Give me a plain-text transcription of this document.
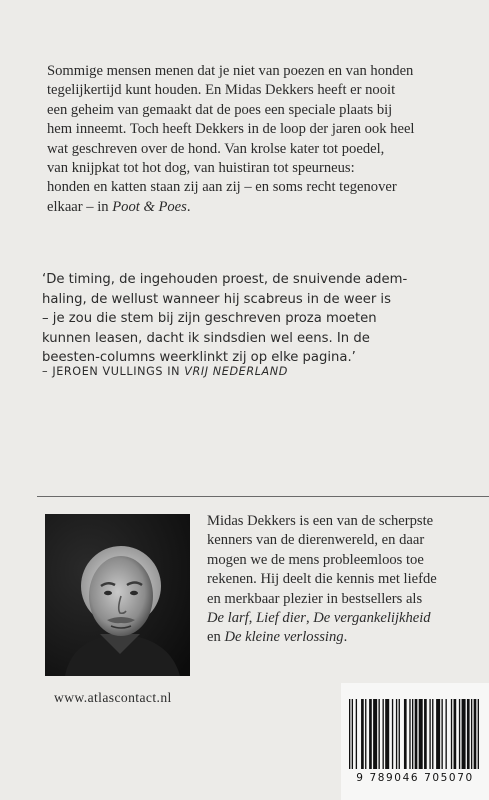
Sommige mensen menen dat je niet van poezen en van honden
tegelijkertijd kunt houden. En Midas Dekkers heeft er nooit
een geheim van gemaakt dat de poes een speciale plaats bij
hem inneemt. Toch heeft Dekkers in de loop der jaren ook heel
wat geschreven over de hond. Van krolse kater tot poedel,
van knijpkat tot hot dog, van huistiran tot speurneus:
honden en katten staan zij aan zij – en soms recht tegenover
elkaar – in Poot & Poes.
‘De timing, de ingehouden proest, de snuivende adem-
haling, de wellust wanneer hij scabreus in de weer is
– je zou die stem bij zijn geschreven proza moeten
kunnen leasen, dacht ik sindsdien wel eens. In de
beesten-columns weerklinkt zij op elke pagina.’
– JEROEN VULLINGS IN VRIJ NEDERLAND
Midas Dekkers is een van de scherpste
kenners van de dierenwereld, en daar
mogen we de mens probleemloos toe
rekenen. Hij deelt die kennis met liefde
en merkbaar plezier in bestsellers als
De larf, Lief dier, De vergankelijkheid
en De kleine verlossing.
www.atlascontact.nl
9 789046 705070
